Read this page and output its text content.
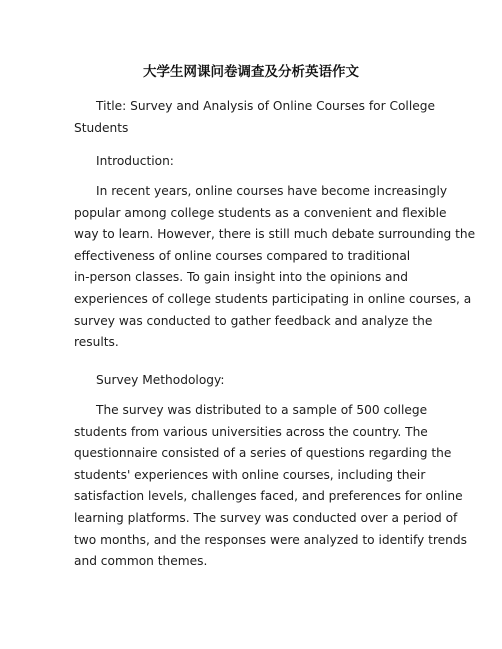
大学生网课问卷调查及分析英语作文

Title: Survey and Analysis of Online Courses for College
Students

Introduction:

In recent years, online courses have become increasingly
popular among college students as a convenient and flexible
way to learn. However, there is still much debate surrounding the
effectiveness of online courses compared to traditional
in-person classes. To gain insight into the opinions and
experiences of college students participating in online courses, a
survey was conducted to gather feedback and analyze the
results.

Survey Methodology:

The survey was distributed to a sample of 500 college
students from various universities across the country. The
questionnaire consisted of a series of questions regarding the
students' experiences with online courses, including their
satisfaction levels, challenges faced, and preferences for online
learning platforms. The survey was conducted over a period of
two months, and the responses were analyzed to identify trends
and common themes.
